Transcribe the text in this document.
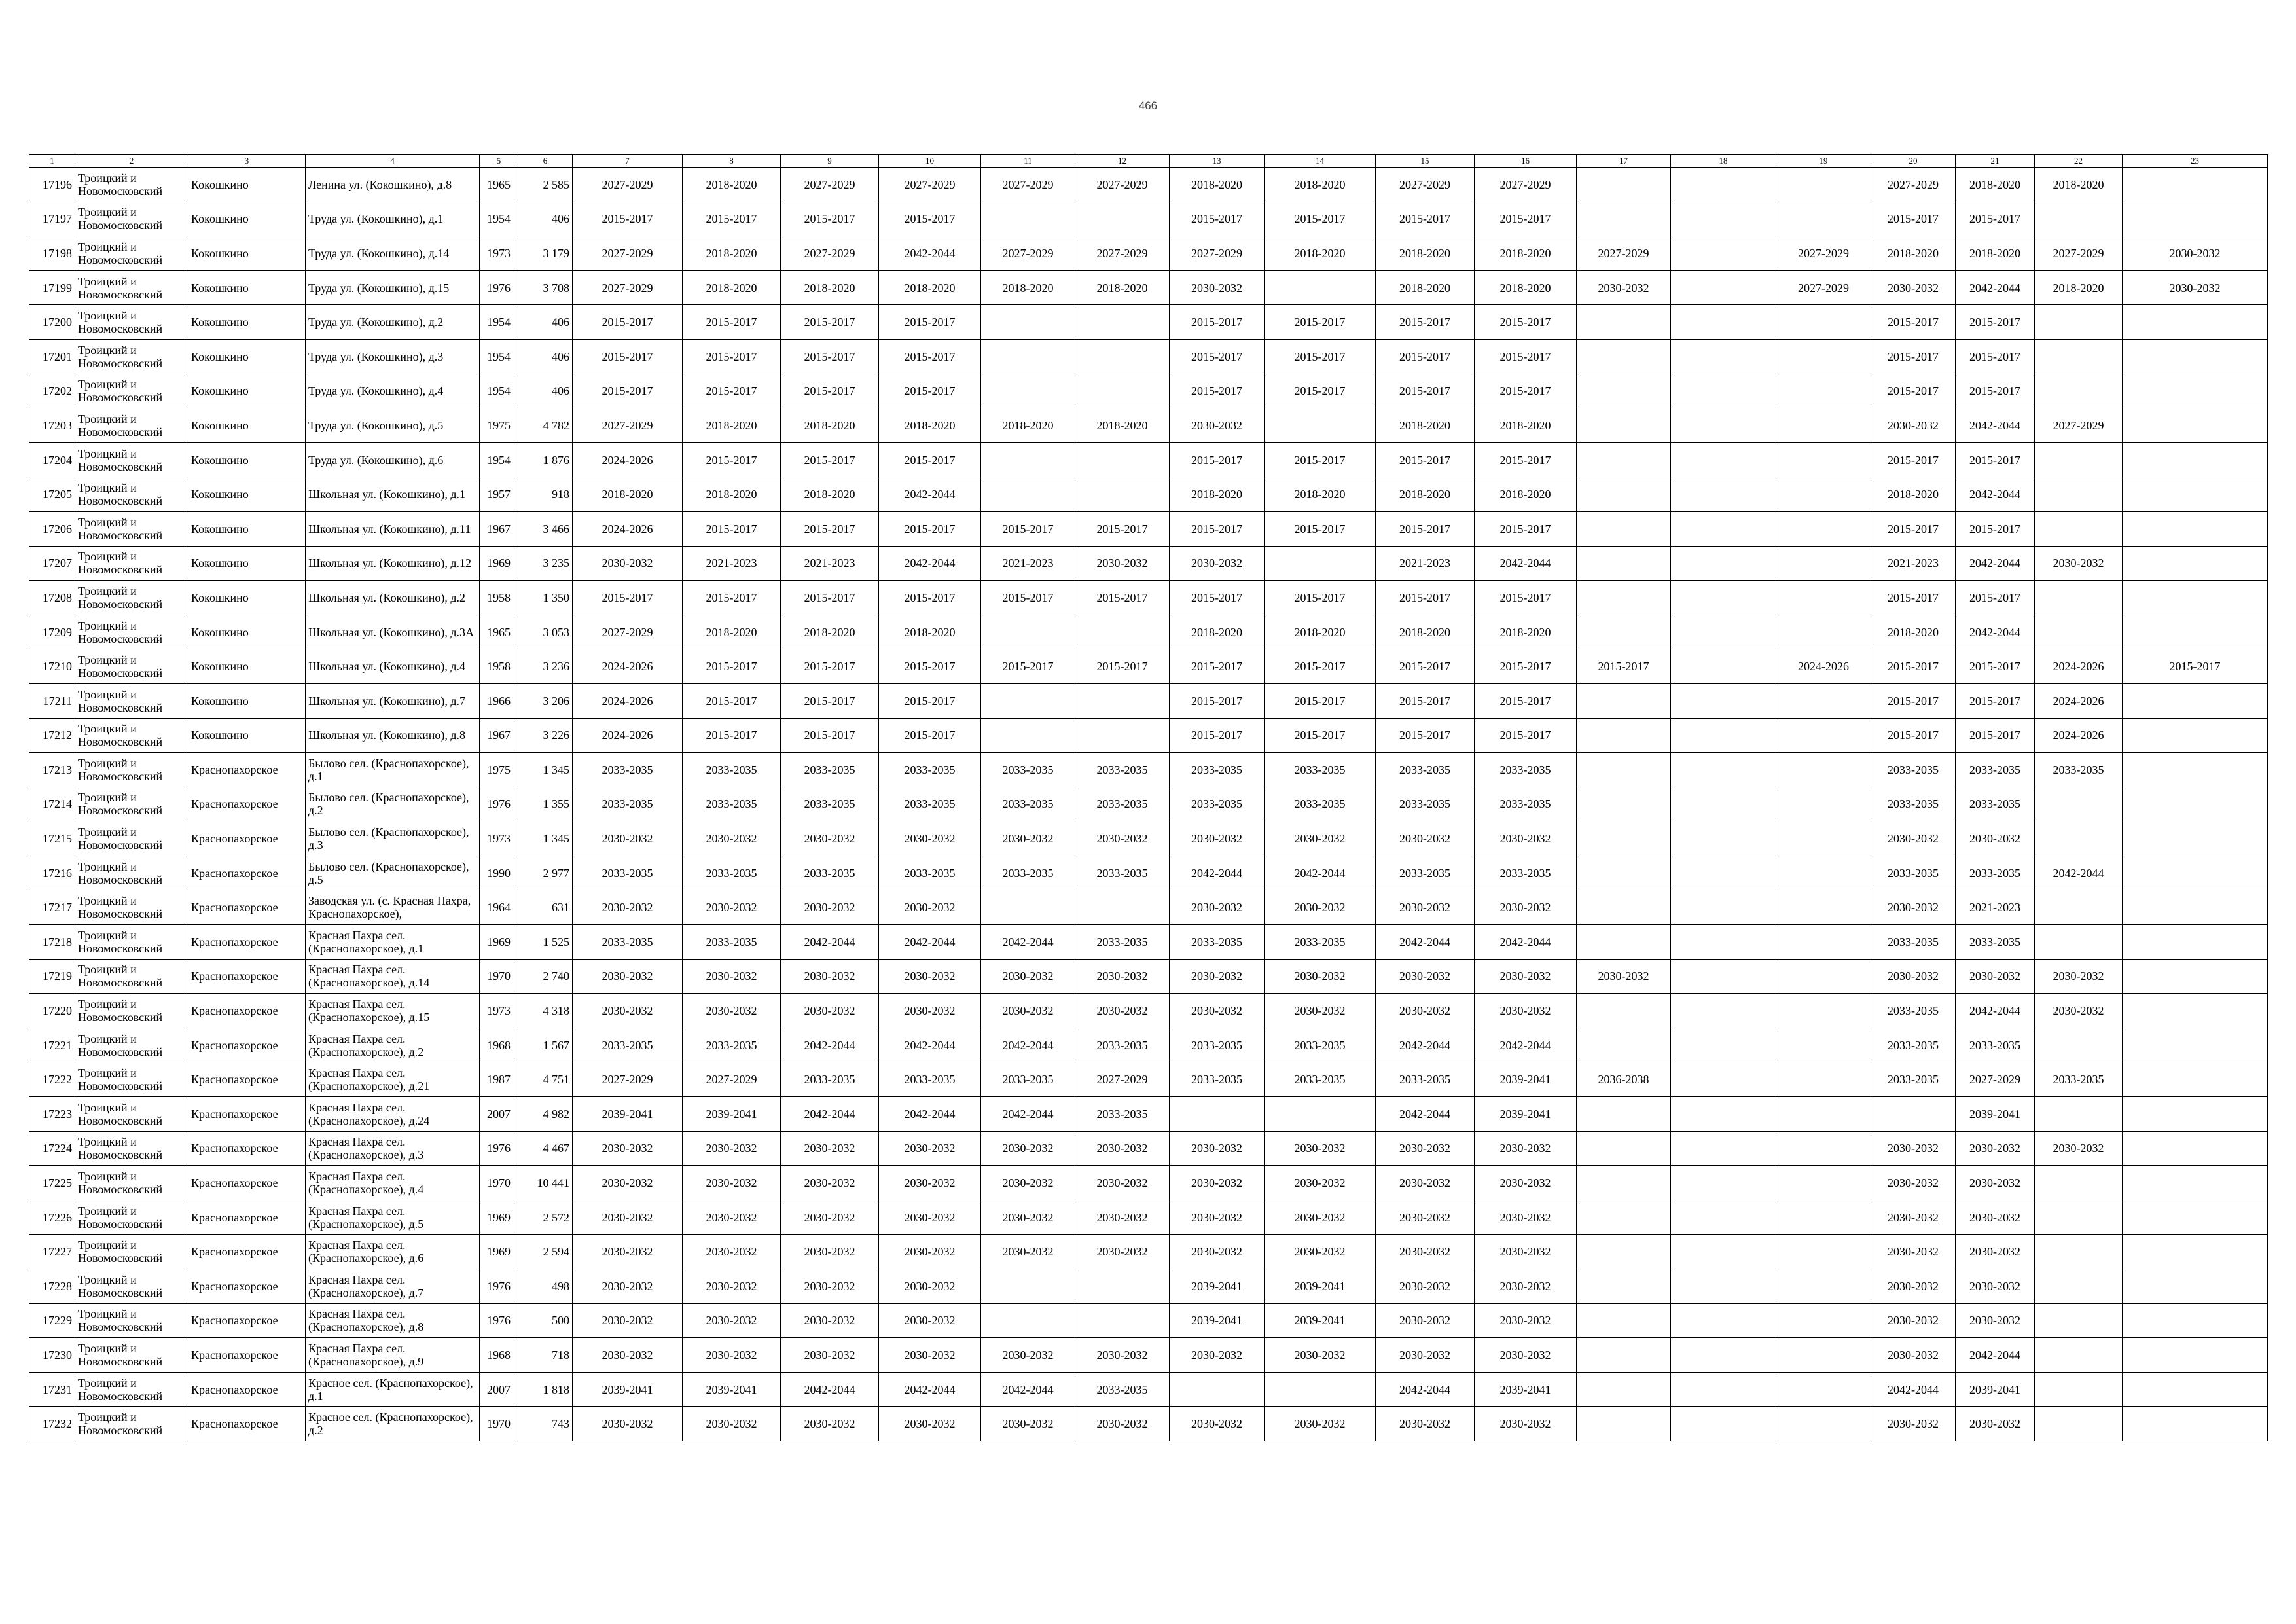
466
1	2	3	4	5	6	7	8	9	10	11	12	13	14	15	16	17	18	19	20	21	22	23
17196	Троицкий и Новомосковский	Кокошкино	Ленина ул. (Кокошкино), д.8	1965	2 585	2027-2029	2018-2020	2027-2029	2027-2029	2027-2029	2027-2029	2018-2020	2018-2020	2027-2029	2027-2029				2027-2029	2018-2020	2018-2020	
17197	Троицкий и Новомосковский	Кокошкино	Труда ул. (Кокошкино), д.1	1954	406	2015-2017	2015-2017	2015-2017	2015-2017			2015-2017	2015-2017	2015-2017	2015-2017				2015-2017	2015-2017		
17198	Троицкий и Новомосковский	Кокошкино	Труда ул. (Кокошкино), д.14	1973	3 179	2027-2029	2018-2020	2027-2029	2042-2044	2027-2029	2027-2029	2027-2029	2018-2020	2018-2020	2018-2020	2027-2029		2027-2029	2018-2020	2018-2020	2027-2029	2030-2032
17199	Троицкий и Новомосковский	Кокошкино	Труда ул. (Кокошкино), д.15	1976	3 708	2027-2029	2018-2020	2018-2020	2018-2020	2018-2020	2018-2020	2030-2032		2018-2020	2018-2020	2030-2032		2027-2029	2030-2032	2042-2044	2018-2020	2030-2032
17200	Троицкий и Новомосковский	Кокошкино	Труда ул. (Кокошкино), д.2	1954	406	2015-2017	2015-2017	2015-2017	2015-2017			2015-2017	2015-2017	2015-2017	2015-2017				2015-2017	2015-2017		
17201	Троицкий и Новомосковский	Кокошкино	Труда ул. (Кокошкино), д.3	1954	406	2015-2017	2015-2017	2015-2017	2015-2017			2015-2017	2015-2017	2015-2017	2015-2017				2015-2017	2015-2017		
17202	Троицкий и Новомосковский	Кокошкино	Труда ул. (Кокошкино), д.4	1954	406	2015-2017	2015-2017	2015-2017	2015-2017			2015-2017	2015-2017	2015-2017	2015-2017				2015-2017	2015-2017		
17203	Троицкий и Новомосковский	Кокошкино	Труда ул. (Кокошкино), д.5	1975	4 782	2027-2029	2018-2020	2018-2020	2018-2020	2018-2020	2018-2020	2030-2032		2018-2020	2018-2020				2030-2032	2042-2044	2027-2029	
17204	Троицкий и Новомосковский	Кокошкино	Труда ул. (Кокошкино), д.6	1954	1 876	2024-2026	2015-2017	2015-2017	2015-2017			2015-2017	2015-2017	2015-2017	2015-2017				2015-2017	2015-2017		
17205	Троицкий и Новомосковский	Кокошкино	Школьная ул. (Кокошкино), д.1	1957	918	2018-2020	2018-2020	2018-2020	2042-2044			2018-2020	2018-2020	2018-2020	2018-2020				2018-2020	2042-2044		
17206	Троицкий и Новомосковский	Кокошкино	Школьная ул. (Кокошкино), д.11	1967	3 466	2024-2026	2015-2017	2015-2017	2015-2017	2015-2017	2015-2017	2015-2017	2015-2017	2015-2017	2015-2017				2015-2017	2015-2017		
17207	Троицкий и Новомосковский	Кокошкино	Школьная ул. (Кокошкино), д.12	1969	3 235	2030-2032	2021-2023	2021-2023	2042-2044	2021-2023	2030-2032	2030-2032		2021-2023	2042-2044				2021-2023	2042-2044	2030-2032	
17208	Троицкий и Новомосковский	Кокошкино	Школьная ул. (Кокошкино), д.2	1958	1 350	2015-2017	2015-2017	2015-2017	2015-2017	2015-2017	2015-2017	2015-2017	2015-2017	2015-2017	2015-2017				2015-2017	2015-2017		
17209	Троицкий и Новомосковский	Кокошкино	Школьная ул. (Кокошкино), д.3А	1965	3 053	2027-2029	2018-2020	2018-2020	2018-2020			2018-2020	2018-2020	2018-2020	2018-2020				2018-2020	2042-2044		
17210	Троицкий и Новомосковский	Кокошкино	Школьная ул. (Кокошкино), д.4	1958	3 236	2024-2026	2015-2017	2015-2017	2015-2017	2015-2017	2015-2017	2015-2017	2015-2017	2015-2017	2015-2017	2015-2017		2024-2026	2015-2017	2015-2017	2024-2026	2015-2017
17211	Троицкий и Новомосковский	Кокошкино	Школьная ул. (Кокошкино), д.7	1966	3 206	2024-2026	2015-2017	2015-2017	2015-2017			2015-2017	2015-2017	2015-2017	2015-2017				2015-2017	2015-2017	2024-2026	
17212	Троицкий и Новомосковский	Кокошкино	Школьная ул. (Кокошкино), д.8	1967	3 226	2024-2026	2015-2017	2015-2017	2015-2017			2015-2017	2015-2017	2015-2017	2015-2017				2015-2017	2015-2017	2024-2026	
17213	Троицкий и Новомосковский	Краснопахорское	Былово сел. (Краснопахорское), д.1	1975	1 345	2033-2035	2033-2035	2033-2035	2033-2035	2033-2035	2033-2035	2033-2035	2033-2035	2033-2035	2033-2035				2033-2035	2033-2035	2033-2035	
17214	Троицкий и Новомосковский	Краснопахорское	Былово сел. (Краснопахорское), д.2	1976	1 355	2033-2035	2033-2035	2033-2035	2033-2035	2033-2035	2033-2035	2033-2035	2033-2035	2033-2035	2033-2035				2033-2035	2033-2035		
17215	Троицкий и Новомосковский	Краснопахорское	Былово сел. (Краснопахорское), д.3	1973	1 345	2030-2032	2030-2032	2030-2032	2030-2032	2030-2032	2030-2032	2030-2032	2030-2032	2030-2032	2030-2032				2030-2032	2030-2032		
17216	Троицкий и Новомосковский	Краснопахорское	Былово сел. (Краснопахорское), д.5	1990	2 977	2033-2035	2033-2035	2033-2035	2033-2035	2033-2035	2033-2035	2042-2044	2042-2044	2033-2035	2033-2035				2033-2035	2033-2035	2042-2044	
17217	Троицкий и Новомосковский	Краснопахорское	Заводская ул. (с. Красная Пахра, Краснопахорское),	1964	631	2030-2032	2030-2032	2030-2032	2030-2032			2030-2032	2030-2032	2030-2032	2030-2032				2030-2032	2021-2023		
17218	Троицкий и Новомосковский	Краснопахорское	Красная Пахра сел. (Краснопахорское), д.1	1969	1 525	2033-2035	2033-2035	2042-2044	2042-2044	2042-2044	2033-2035	2033-2035	2033-2035	2042-2044	2042-2044				2033-2035	2033-2035		
17219	Троицкий и Новомосковский	Краснопахорское	Красная Пахра сел. (Краснопахорское), д.14	1970	2 740	2030-2032	2030-2032	2030-2032	2030-2032	2030-2032	2030-2032	2030-2032	2030-2032	2030-2032	2030-2032	2030-2032			2030-2032	2030-2032	2030-2032	
17220	Троицкий и Новомосковский	Краснопахорское	Красная Пахра сел. (Краснопахорское), д.15	1973	4 318	2030-2032	2030-2032	2030-2032	2030-2032	2030-2032	2030-2032	2030-2032	2030-2032	2030-2032	2030-2032				2033-2035	2042-2044	2030-2032	
17221	Троицкий и Новомосковский	Краснопахорское	Красная Пахра сел. (Краснопахорское), д.2	1968	1 567	2033-2035	2033-2035	2042-2044	2042-2044	2042-2044	2033-2035	2033-2035	2033-2035	2042-2044	2042-2044				2033-2035	2033-2035		
17222	Троицкий и Новомосковский	Краснопахорское	Красная Пахра сел. (Краснопахорское), д.21	1987	4 751	2027-2029	2027-2029	2033-2035	2033-2035	2033-2035	2027-2029	2033-2035	2033-2035	2033-2035	2039-2041	2036-2038			2033-2035	2027-2029	2033-2035	
17223	Троицкий и Новомосковский	Краснопахорское	Красная Пахра сел. (Краснопахорское), д.24	2007	4 982	2039-2041	2039-2041	2042-2044	2042-2044	2042-2044	2033-2035			2042-2044	2039-2041					2039-2041		
17224	Троицкий и Новомосковский	Краснопахорское	Красная Пахра сел. (Краснопахорское), д.3	1976	4 467	2030-2032	2030-2032	2030-2032	2030-2032	2030-2032	2030-2032	2030-2032	2030-2032	2030-2032	2030-2032				2030-2032	2030-2032	2030-2032	
17225	Троицкий и Новомосковский	Краснопахорское	Красная Пахра сел. (Краснопахорское), д.4	1970	10 441	2030-2032	2030-2032	2030-2032	2030-2032	2030-2032	2030-2032	2030-2032	2030-2032	2030-2032	2030-2032				2030-2032	2030-2032		
17226	Троицкий и Новомосковский	Краснопахорское	Красная Пахра сел. (Краснопахорское), д.5	1969	2 572	2030-2032	2030-2032	2030-2032	2030-2032	2030-2032	2030-2032	2030-2032	2030-2032	2030-2032	2030-2032				2030-2032	2030-2032		
17227	Троицкий и Новомосковский	Краснопахорское	Красная Пахра сел. (Краснопахорское), д.6	1969	2 594	2030-2032	2030-2032	2030-2032	2030-2032	2030-2032	2030-2032	2030-2032	2030-2032	2030-2032	2030-2032				2030-2032	2030-2032		
17228	Троицкий и Новомосковский	Краснопахорское	Красная Пахра сел. (Краснопахорское), д.7	1976	498	2030-2032	2030-2032	2030-2032	2030-2032			2039-2041	2039-2041	2030-2032	2030-2032				2030-2032	2030-2032		
17229	Троицкий и Новомосковский	Краснопахорское	Красная Пахра сел. (Краснопахорское), д.8	1976	500	2030-2032	2030-2032	2030-2032	2030-2032			2039-2041	2039-2041	2030-2032	2030-2032				2030-2032	2030-2032		
17230	Троицкий и Новомосковский	Краснопахорское	Красная Пахра сел. (Краснопахорское), д.9	1968	718	2030-2032	2030-2032	2030-2032	2030-2032	2030-2032	2030-2032	2030-2032	2030-2032	2030-2032	2030-2032				2030-2032	2042-2044		
17231	Троицкий и Новомосковский	Краснопахорское	Красное сел. (Краснопахорское), д.1	2007	1 818	2039-2041	2039-2041	2042-2044	2042-2044	2042-2044	2033-2035			2042-2044	2039-2041				2042-2044	2039-2041		
17232	Троицкий и Новомосковский	Краснопахорское	Красное сел. (Краснопахорское), д.2	1970	743	2030-2032	2030-2032	2030-2032	2030-2032	2030-2032	2030-2032	2030-2032	2030-2032	2030-2032	2030-2032				2030-2032	2030-2032		
